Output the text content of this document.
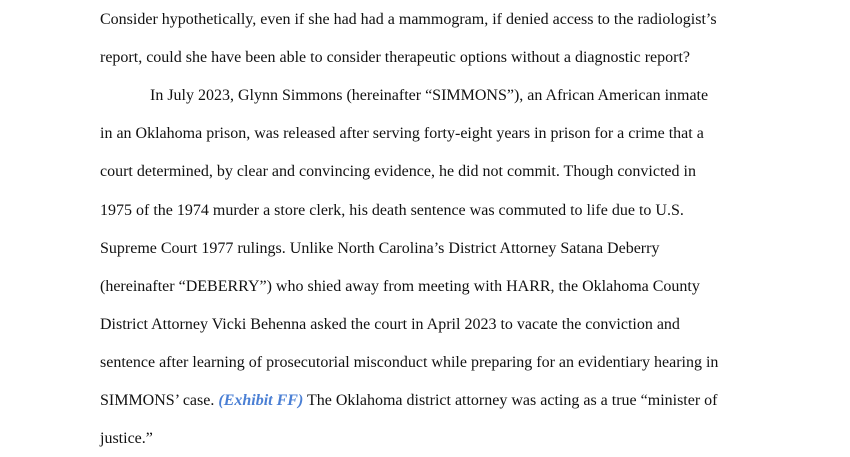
Consider hypothetically, even if she had had a mammogram, if denied access to the radiologist’s
report, could she have been able to consider therapeutic options without a diagnostic report?
In July 2023, Glynn Simmons (hereinafter “SIMMONS”), an African American inmate
in an Oklahoma prison, was released after serving forty-eight years in prison for a crime that a
court determined, by clear and convincing evidence, he did not commit. Though convicted in
1975 of the 1974 murder a store clerk, his death sentence was commuted to life due to U.S.
Supreme Court 1977 rulings. Unlike North Carolina’s District Attorney Satana Deberry
(hereinafter “DEBERRY”) who shied away from meeting with HARR, the Oklahoma County
District Attorney Vicki Behenna asked the court in April 2023 to vacate the conviction and
sentence after learning of prosecutorial misconduct while preparing for an evidentiary hearing in
SIMMONS’ case. (Exhibit FF) The Oklahoma district attorney was acting as a true “minister of
justice.”
